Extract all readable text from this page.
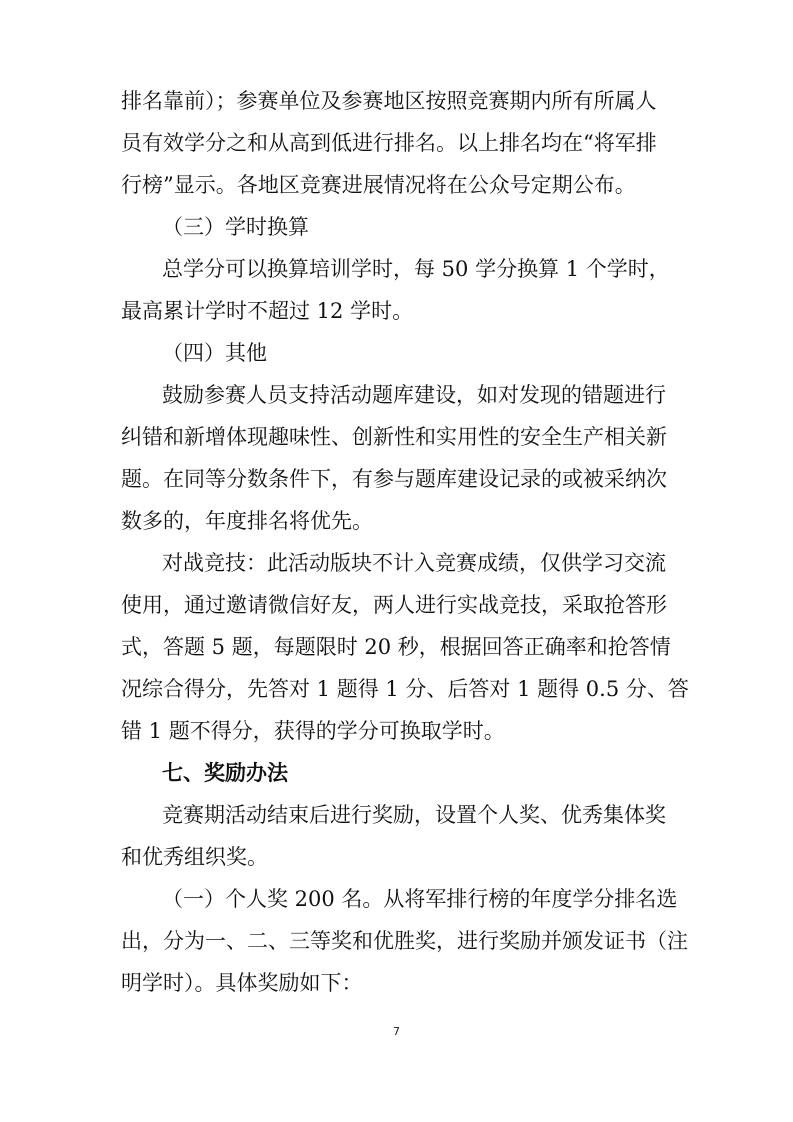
排名靠前）；参赛单位及参赛地区按照竞赛期内所有所属人
员有效学分之和从高到低进行排名。以上排名均在“将军排
行榜”显示。各地区竞赛进展情况将在公众号定期公布。
（三）学时换算
总学分可以换算培训学时，每 50 学分换算 1 个学时，
最高累计学时不超过 12 学时。
（四）其他
鼓励参赛人员支持活动题库建设，如对发现的错题进行
纠错和新增体现趣味性、创新性和实用性的安全生产相关新
题。在同等分数条件下，有参与题库建设记录的或被采纳次
数多的，年度排名将优先。
对战竞技：此活动版块不计入竞赛成绩，仅供学习交流
使用，通过邀请微信好友，两人进行实战竞技，采取抢答形
式，答题 5 题，每题限时 20 秒，根据回答正确率和抢答情
况综合得分，先答对 1 题得 1 分、后答对 1 题得 0.5 分、答
错 1 题不得分，获得的学分可换取学时。
七、奖励办法
竞赛期活动结束后进行奖励，设置个人奖、优秀集体奖
和优秀组织奖。
（一）个人奖 200 名。从将军排行榜的年度学分排名选
出，分为一、二、三等奖和优胜奖，进行奖励并颁发证书（注
明学时）。具体奖励如下：
7
